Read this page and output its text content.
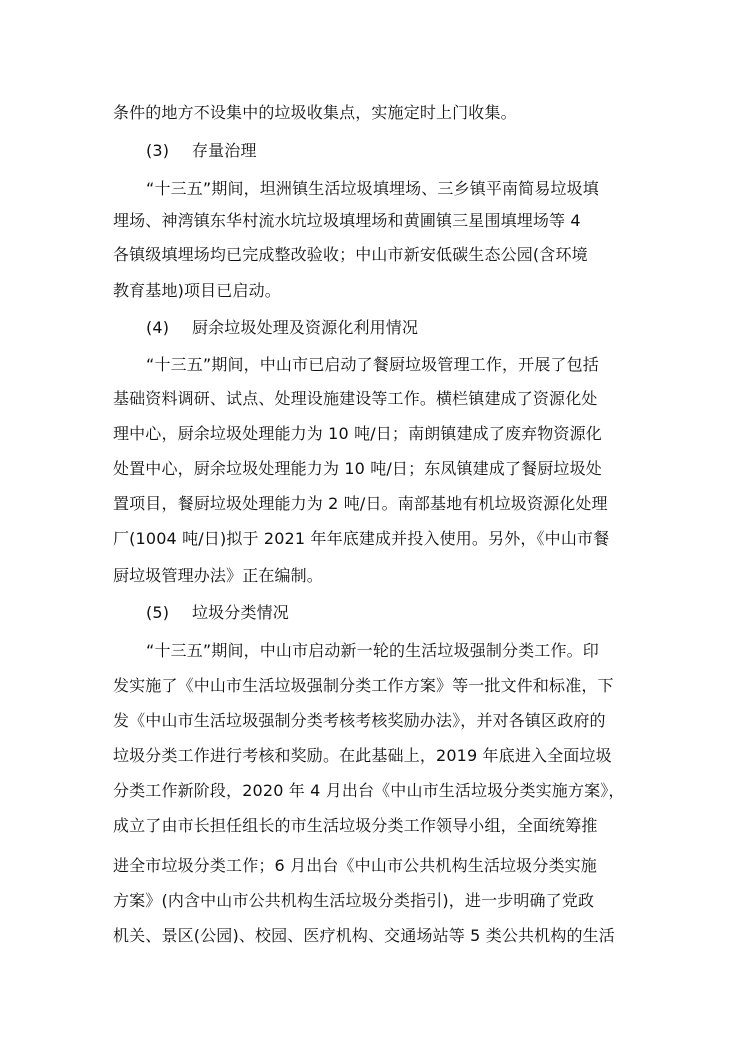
条件的地方不设集中的垃圾收集点，实施定时上门收集。
(3) 存量治理
“十三五”期间，坦洲镇生活垃圾填埋场、三乡镇平南简易垃圾填
埋场、神湾镇东华村流水坑垃圾填埋场和黄圃镇三星围填埋场等 4
各镇级填埋场均已完成整改验收；中山市新安低碳生态公园(含环境
教育基地)项目已启动。
(4) 厨余垃圾处理及资源化利用情况
“十三五”期间，中山市已启动了餐厨垃圾管理工作，开展了包括
基础资料调研、试点、处理设施建设等工作。横栏镇建成了资源化处
理中心，厨余垃圾处理能力为 10 吨/日；南朗镇建成了废弃物资源化
处置中心，厨余垃圾处理能力为 10 吨/日；东凤镇建成了餐厨垃圾处
置项目，餐厨垃圾处理能力为 2 吨/日。南部基地有机垃圾资源化处理
厂(1004 吨/日)拟于 2021 年年底建成并投入使用。另外，《中山市餐
厨垃圾管理办法》正在编制。
(5) 垃圾分类情况
“十三五”期间，中山市启动新一轮的生活垃圾强制分类工作。印
发实施了《中山市生活垃圾强制分类工作方案》等一批文件和标准，下
发《中山市生活垃圾强制分类考核考核奖励办法》，并对各镇区政府的
垃圾分类工作进行考核和奖励。在此基础上，2019 年底进入全面垃圾
分类工作新阶段，2020 年 4 月出台《中山市生活垃圾分类实施方案》，
成立了由市长担任组长的市生活垃圾分类工作领导小组，全面统筹推
进全市垃圾分类工作；6 月出台《中山市公共机构生活垃圾分类实施
方案》(内含中山市公共机构生活垃圾分类指引)，进一步明确了党政
机关、景区(公园)、校园、医疗机构、交通场站等 5 类公共机构的生活
